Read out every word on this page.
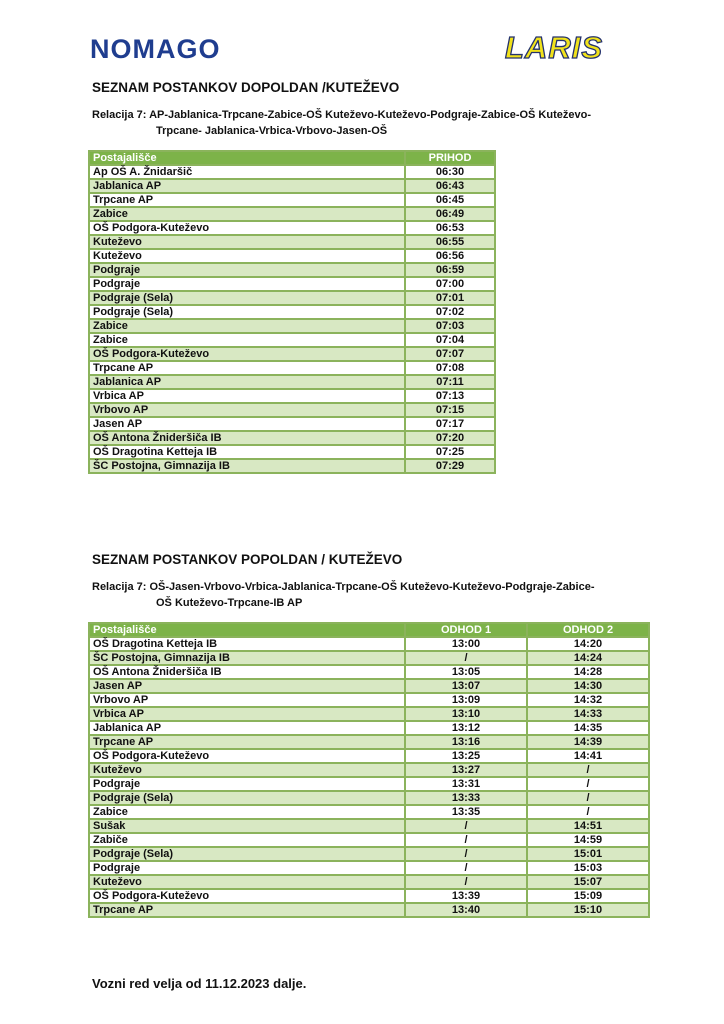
NOMAGO	LARIS
SEZNAM POSTANKOV DOPOLDAN /KUTEŽEVO
Relacija 7: AP-Jablanica-Trpcane-Zabice-OŠ Kuteževo-Kuteževo-Podgraje-Zabice-OŠ Kuteževo-
Trpcane- Jablanica-Vrbica-Vrbovo-Jasen-OŠ
Postajališče	PRIHOD
Ap OŠ A. Žnidaršič	06:30
Jablanica AP	06:43
Trpcane AP	06:45
Zabice	06:49
OŠ Podgora-Kuteževo	06:53
Kuteževo	06:55
Kuteževo	06:56
Podgraje	06:59
Podgraje	07:00
Podgraje (Sela)	07:01
Podgraje (Sela)	07:02
Zabice	07:03
Zabice	07:04
OŠ Podgora-Kuteževo	07:07
Trpcane AP	07:08
Jablanica AP	07:11
Vrbica AP	07:13
Vrbovo AP	07:15
Jasen AP	07:17
OŠ Antona Žnideršiča IB	07:20
OŠ Dragotina Ketteja IB	07:25
ŠC Postojna, Gimnazija IB	07:29
SEZNAM POSTANKOV POPOLDAN / KUTEŽEVO
Relacija 7: OŠ-Jasen-Vrbovo-Vrbica-Jablanica-Trpcane-OŠ Kuteževo-Kuteževo-Podgraje-Zabice-
OŠ Kuteževo-Trpcane-IB AP
Postajališče	ODHOD 1	ODHOD 2
OŠ Dragotina Ketteja IB	13:00	14:20
ŠC Postojna, Gimnazija IB	/	14:24
OŠ Antona Žnideršiča IB	13:05	14:28
Jasen AP	13:07	14:30
Vrbovo AP	13:09	14:32
Vrbica AP	13:10	14:33
Jablanica AP	13:12	14:35
Trpcane AP	13:16	14:39
OŠ Podgora-Kuteževo	13:25	14:41
Kuteževo	13:27	/
Podgraje	13:31	/
Podgraje (Sela)	13:33	/
Zabice	13:35	/
Sušak	/	14:51
Zabiče	/	14:59
Podgraje (Sela)	/	15:01
Podgraje	/	15:03
Kuteževo	/	15:07
OŠ Podgora-Kuteževo	13:39	15:09
Trpcane AP	13:40	15:10
Vozni red velja od 11.12.2023 dalje.
